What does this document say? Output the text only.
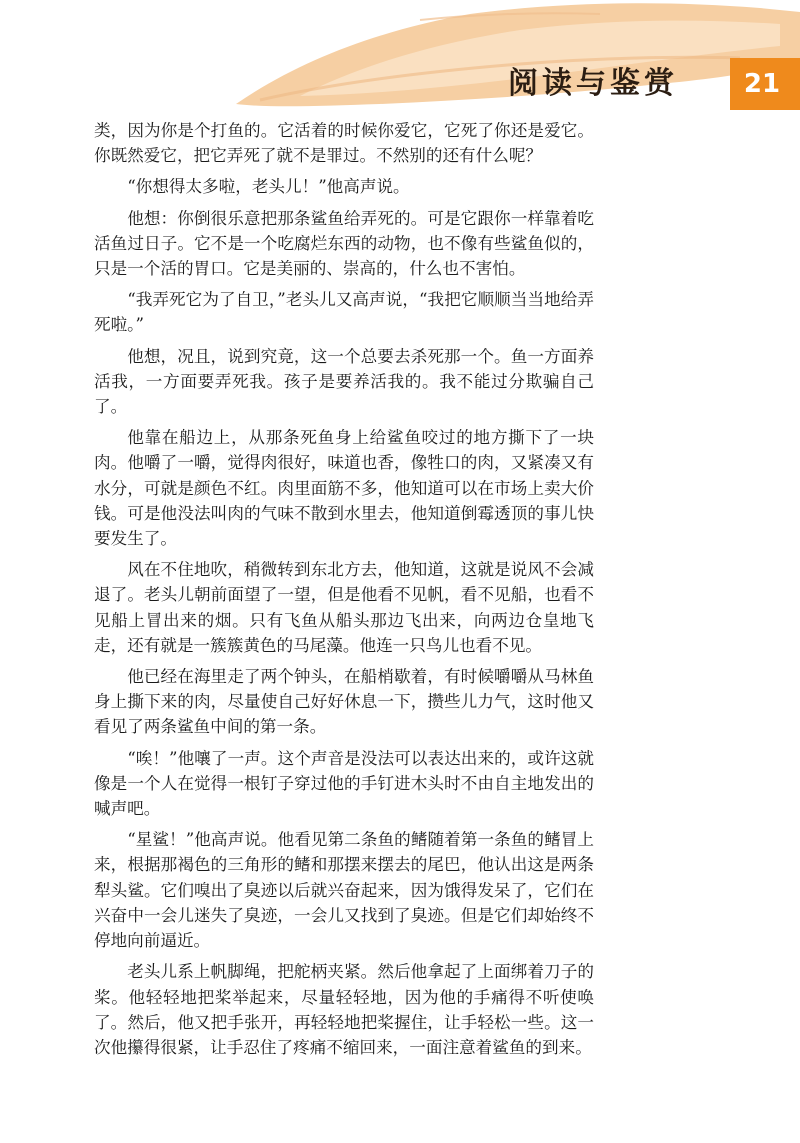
阅读与鉴赏	21

类，因为你是个打鱼的。它活着的时候你爱它，它死了你还是爱它。你既然爱它，把它弄死了就不是罪过。不然别的还有什么呢？

“你想得太多啦，老头儿！”他高声说。

他想：你倒很乐意把那条鲨鱼给弄死的。可是它跟你一样靠着吃活鱼过日子。它不是一个吃腐烂东西的动物，也不像有些鲨鱼似的，只是一个活的胃口。它是美丽的、崇高的，什么也不害怕。

“我弄死它为了自卫，”老头儿又高声说，“我把它顺顺当当地给弄死啦。”

他想，况且，说到究竟，这一个总要去杀死那一个。鱼一方面养活我，一方面要弄死我。孩子是要养活我的。我不能过分欺骗自己了。

他靠在船边上，从那条死鱼身上给鲨鱼咬过的地方撕下了一块肉。他嚼了一嚼，觉得肉很好，味道也香，像牲口的肉，又紧凑又有水分，可就是颜色不红。肉里面筋不多，他知道可以在市场上卖大价钱。可是他没法叫肉的气味不散到水里去，他知道倒霉透顶的事儿快要发生了。

风在不住地吹，稍微转到东北方去，他知道，这就是说风不会减退了。老头儿朝前面望了一望，但是他看不见帆，看不见船，也看不见船上冒出来的烟。只有飞鱼从船头那边飞出来，向两边仓皇地飞走，还有就是一簇簇黄色的马尾藻。他连一只鸟儿也看不见。

他已经在海里走了两个钟头，在船梢歇着，有时候嚼嚼从马林鱼身上撕下来的肉，尽量使自己好好休息一下，攒些儿力气，这时他又看见了两条鲨鱼中间的第一条。

“唉！”他嚷了一声。这个声音是没法可以表达出来的，或许这就像是一个人在觉得一根钉子穿过他的手钉进木头时不由自主地发出的喊声吧。

“星鲨！”他高声说。他看见第二条鱼的鳍随着第一条鱼的鳍冒上来，根据那褐色的三角形的鳍和那摆来摆去的尾巴，他认出这是两条犁头鲨。它们嗅出了臭迹以后就兴奋起来，因为饿得发呆了，它们在兴奋中一会儿迷失了臭迹，一会儿又找到了臭迹。但是它们却始终不停地向前逼近。

老头儿系上帆脚绳，把舵柄夹紧。然后他拿起了上面绑着刀子的桨。他轻轻地把桨举起来，尽量轻轻地，因为他的手痛得不听使唤了。然后，他又把手张开，再轻轻地把桨握住，让手轻松一些。这一次他攥得很紧，让手忍住了疼痛不缩回来，一面注意着鲨鱼的到来。
